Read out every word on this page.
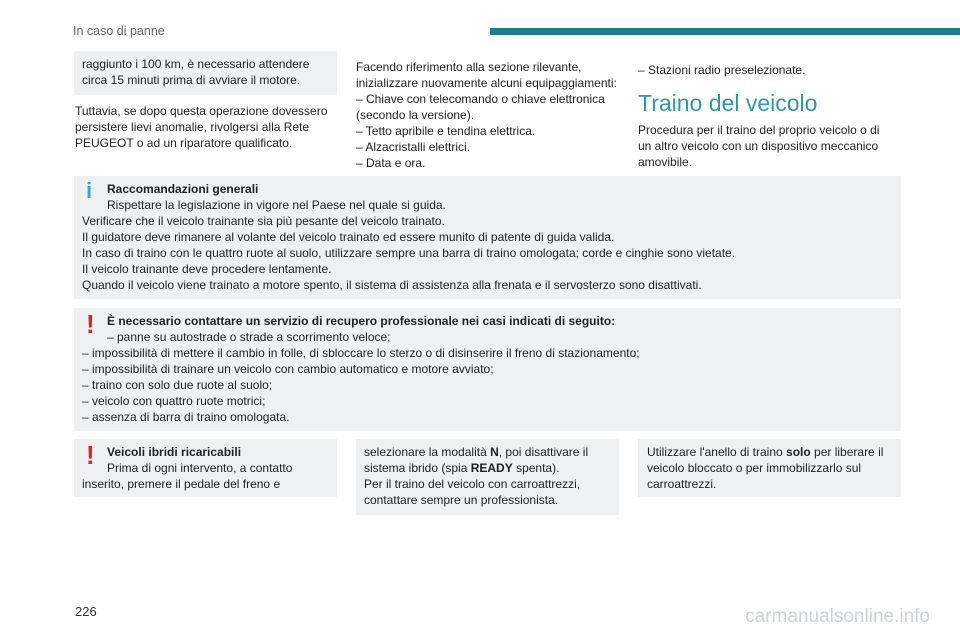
In caso di panne
raggiunto i 100 km, è necessario attendere circa 15 minuti prima di avviare il motore.
Tuttavia, se dopo questa operazione dovessero persistere lievi anomalie, rivolgersi alla Rete PEUGEOT o ad un riparatore qualificato.

Facendo riferimento alla sezione rilevante, inizializzare nuovamente alcuni equipaggiamenti:

– Chiave con telecomando o chiave elettronica (secondo la versione).

– Tetto apribile e tendina elettrica.

– Alzacristalli elettrici.

– Data e ora.

– Stazioni radio preselezionate.
Traino del veicolo
Procedura per il traino del proprio veicolo o di un altro veicolo con un dispositivo meccanico amovibile.
i Raccomandazioni generali

Rispettare la legislazione in vigore nel Paese nel quale si guida.

Verificare che il veicolo trainante sia più pesante del veicolo trainato.

Il guidatore deve rimanere al volante del veicolo trainato ed essere munito di patente di guida valida.

In caso di traino con le quattro ruote al suolo, utilizzare sempre una barra di traino omologata; corde e cinghie sono vietate.

Il veicolo trainante deve procedere lentamente.

Quando il veicolo viene trainato a motore spento, il sistema di assistenza alla frenata e il servosterzo sono disattivati.

! È necessario contattare un servizio di recupero professionale nei casi indicati di seguito:
– panne su autostrade o strade a scorrimento veloce;

– impossibilità di mettere il cambio in folle, di sbloccare lo sterzo o di disinserire il freno di stazionamento;

– impossibilità di trainare un veicolo con cambio automatico e motore avviato;

– traino con solo due ruote al suolo;

– veicolo con quattro ruote motrici;

– assenza di barra di traino omologata.

! Veicoli ibridi ricaricabili
Prima di ogni intervento, a contatto inserito, premere il pedale del freno e

selezionare la modalità N, poi disattivare il sistema ibrido (spia READY spenta).

Per il traino del veicolo con carroattrezzi, contattare sempre un professionista.

Utilizzare l'anello di traino solo per liberare il veicolo bloccato o per immobilizzarlo sul carroattrezzi.
226	carmanualsonline.info
